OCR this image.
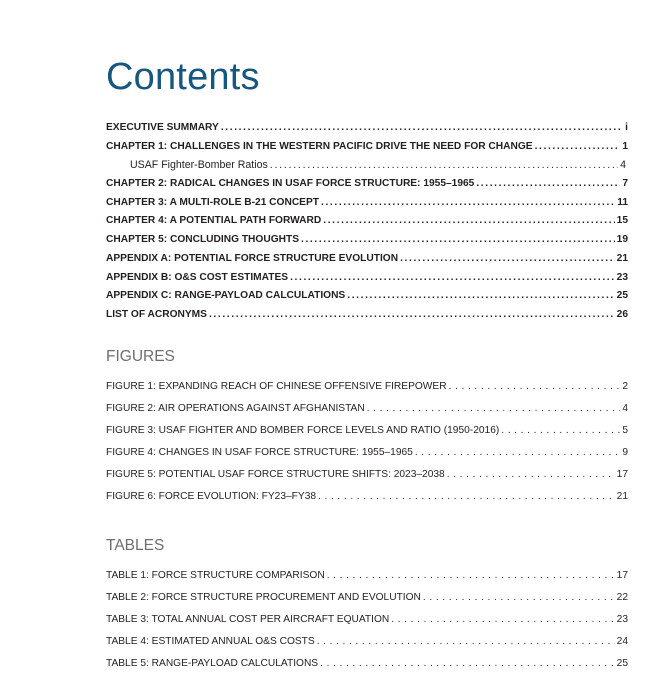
Contents
EXECUTIVE SUMMARY . . .	i
CHAPTER 1: CHALLENGES IN THE WESTERN PACIFIC DRIVE THE NEED FOR CHANGE . . .	1
USAF Fighter-Bomber Ratios . . .	4
CHAPTER 2: RADICAL CHANGES IN USAF FORCE STRUCTURE: 1955–1965 . . .	7
CHAPTER 3: A MULTI-ROLE B-21 CONCEPT . . .	11
CHAPTER 4: A POTENTIAL PATH FORWARD . . .	15
CHAPTER 5: CONCLUDING THOUGHTS . . .	19
APPENDIX A: POTENTIAL FORCE STRUCTURE EVOLUTION . . .	21
APPENDIX B: O&S COST ESTIMATES . . .	23
APPENDIX C: RANGE-PAYLOAD CALCULATIONS . . .	25
LIST OF ACRONYMS . . .	26
FIGURES
FIGURE 1: EXPANDING REACH OF CHINESE OFFENSIVE FIREPOWER . . .	2
FIGURE 2: AIR OPERATIONS AGAINST AFGHANISTAN . . .	4
FIGURE 3: USAF FIGHTER AND BOMBER FORCE LEVELS AND RATIO (1950-2016) . . .	5
FIGURE 4: CHANGES IN USAF FORCE STRUCTURE: 1955–1965 . . .	9
FIGURE 5: POTENTIAL USAF FORCE STRUCTURE SHIFTS: 2023–2038 . . .	17
FIGURE 6: FORCE EVOLUTION: FY23–FY38 . . .	21
TABLES
TABLE 1: FORCE STRUCTURE COMPARISON . . .	17
TABLE 2: FORCE STRUCTURE PROCUREMENT AND EVOLUTION . . .	22
TABLE 3: TOTAL ANNUAL COST PER AIRCRAFT EQUATION . . .	23
TABLE 4: ESTIMATED ANNUAL O&S COSTS . . .	24
TABLE 5: RANGE-PAYLOAD CALCULATIONS . . .	25
